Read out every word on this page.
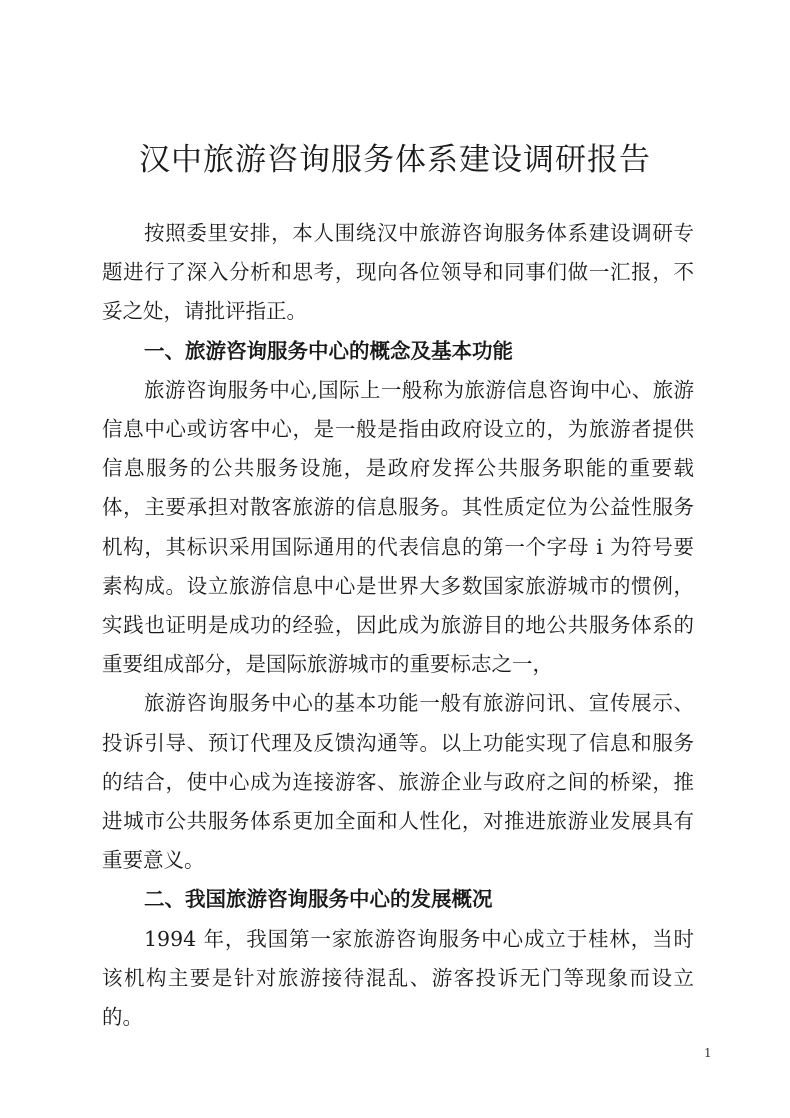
汉中旅游咨询服务体系建设调研报告

按照委里安排，本人围绕汉中旅游咨询服务体系建设调研专题进行了深入分析和思考，现向各位领导和同事们做一汇报，不妥之处，请批评指正。

一、旅游咨询服务中心的概念及基本功能

旅游咨询服务中心,国际上一般称为旅游信息咨询中心、旅游信息中心或访客中心，是一般是指由政府设立的，为旅游者提供信息服务的公共服务设施，是政府发挥公共服务职能的重要载体，主要承担对散客旅游的信息服务。其性质定位为公益性服务机构，其标识采用国际通用的代表信息的第一个字母 i 为符号要素构成。设立旅游信息中心是世界大多数国家旅游城市的惯例，实践也证明是成功的经验，因此成为旅游目的地公共服务体系的重要组成部分，是国际旅游城市的重要标志之一，

旅游咨询服务中心的基本功能一般有旅游问讯、宣传展示、投诉引导、预订代理及反馈沟通等。以上功能实现了信息和服务的结合，使中心成为连接游客、旅游企业与政府之间的桥梁，推进城市公共服务体系更加全面和人性化，对推进旅游业发展具有重要意义。

二、我国旅游咨询服务中心的发展概况

1994 年，我国第一家旅游咨询服务中心成立于桂林，当时该机构主要是针对旅游接待混乱、游客投诉无门等现象而设立的。

1
